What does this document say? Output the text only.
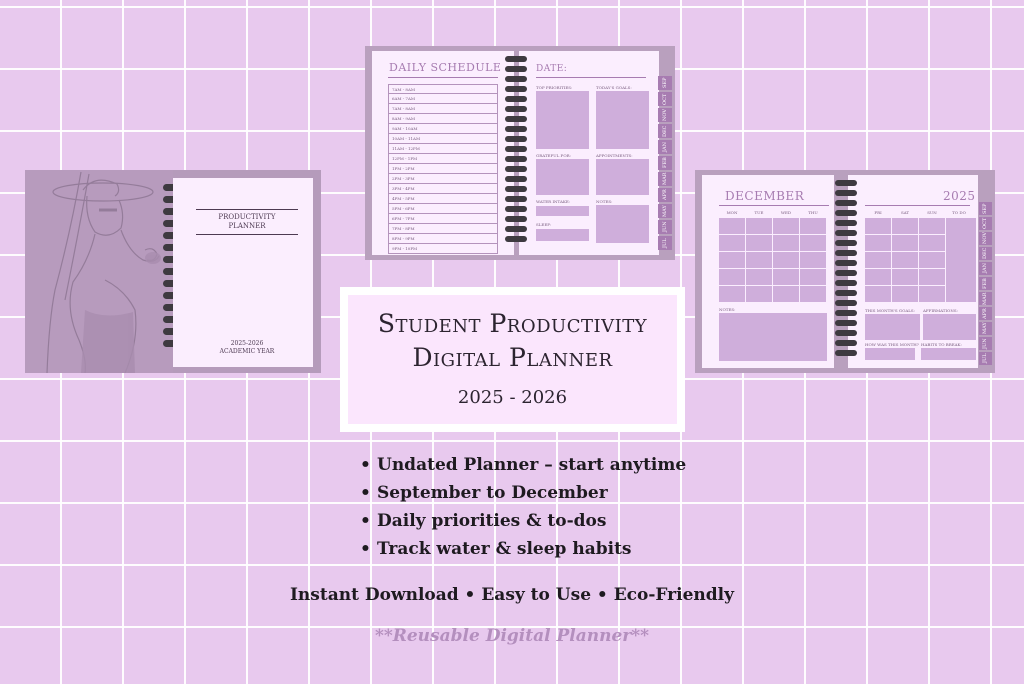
PRODUCTIVITY
PLANNER
2025-2026
ACADEMIC YEAR
DAILY SCHEDULE
7AM - 8AM
6AM - 7AM
7AM - 8AM
8AM - 9AM
9AM - 10AM
10AM - 11AM
11AM - 12PM
12PM - 1PM
1PM - 2PM
2PM - 3PM
3PM - 4PM
4PM - 5PM
5PM - 6PM
6PM - 7PM
7PM - 8PM
8PM - 9PM
9PM - 10PM
DATE:
TOP PRIORITIES:	TODAY'S GOALS:
GRATEFUL FOR:	APPOINTMENTS:
WATER INTAKE:	NOTES:
SLEEP:
SEP
OCT
NOV
DEC
JAN
FEB
MAR
APR
MAY
JUN
JUL
DECEMBER	2025
MON	TUE	WED	THU
NOTES:
FRI	SAT	SUN	TO DO
THIS MONTH'S GOALS: AFFIRMATIONS:
HOW WAS THIS MONTH? HABITS TO BREAK:
SEP
OCT
NOV
DEC
JAN
FEB
MAR
APR
MAY
JUN
JUL
Student Productivity
Digital Planner
2025 - 2026
• Undated Planner – start anytime
• September to December
• Daily priorities & to-dos
• Track water & sleep habits
Instant Download • Easy to Use • Eco-Friendly
**Reusable Digital Planner**
